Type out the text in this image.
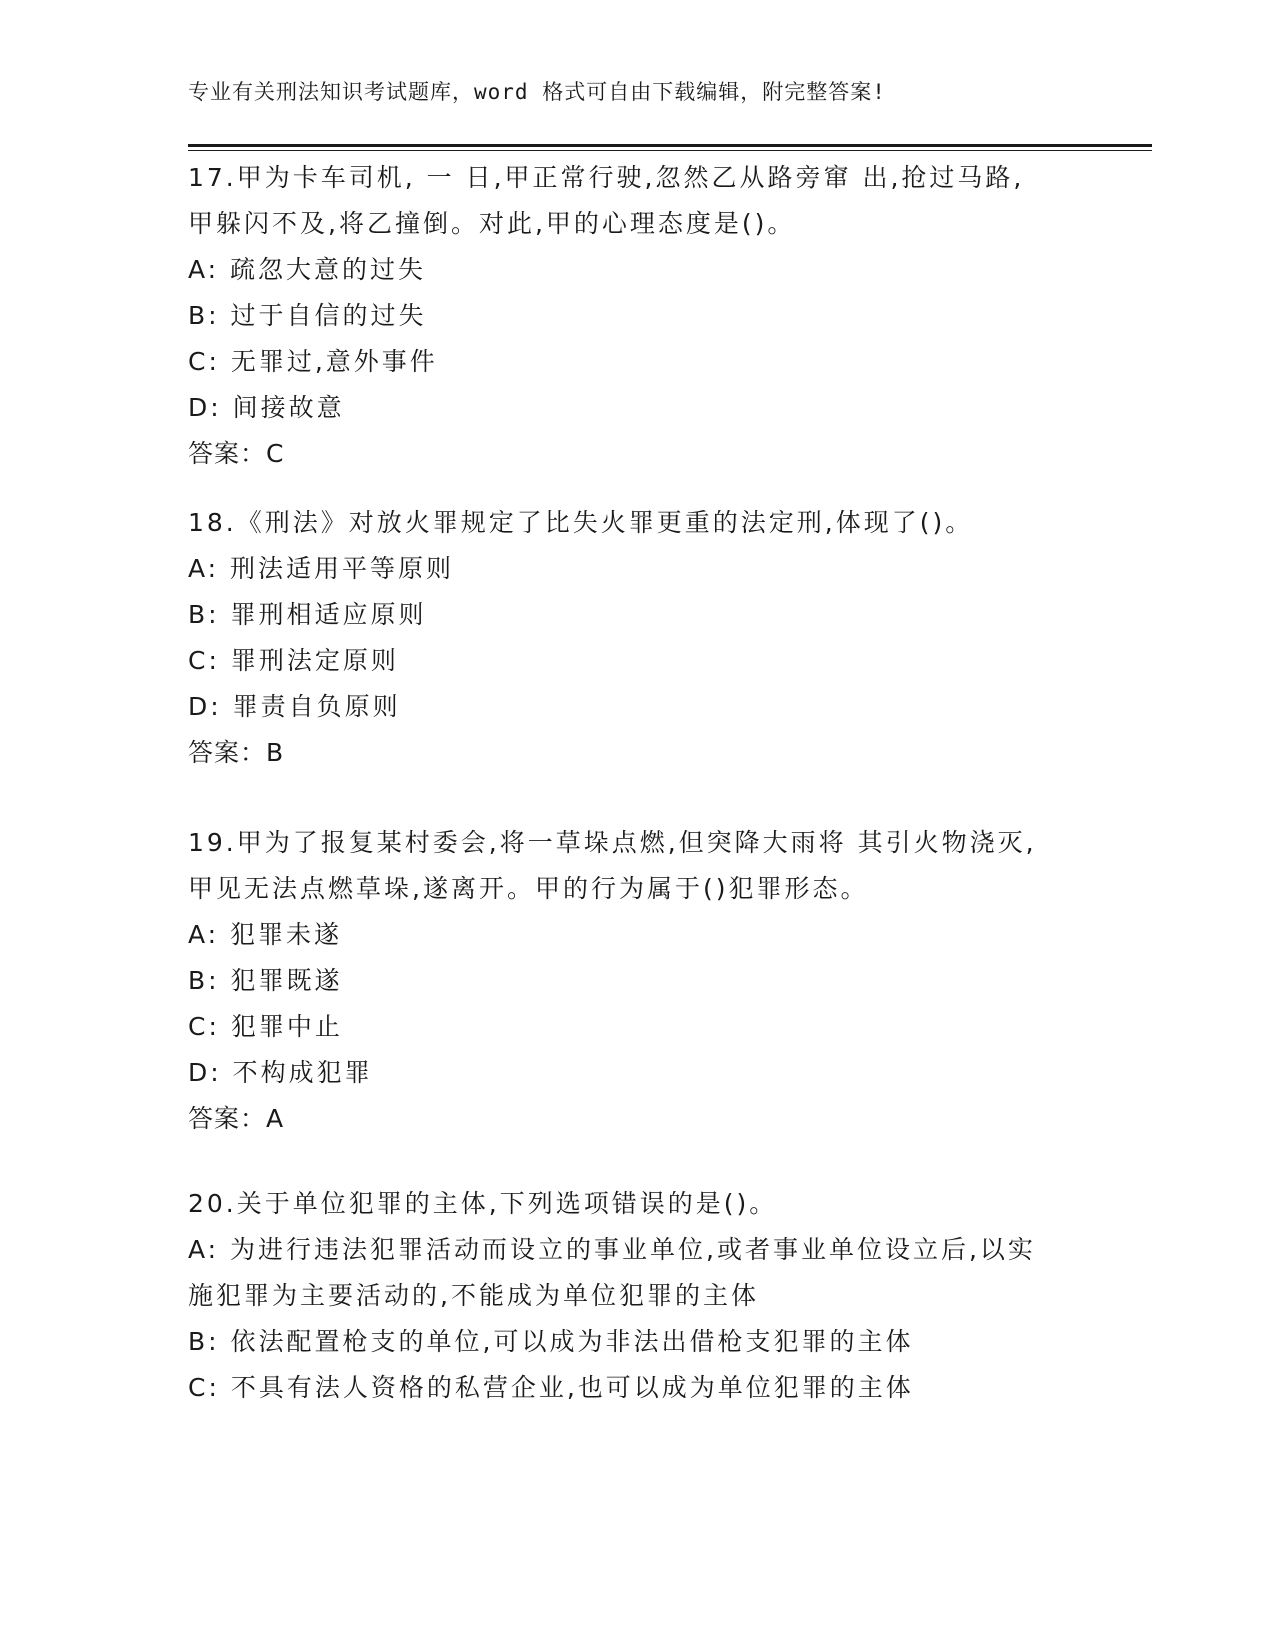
专业有关刑法知识考试题库，word 格式可自由下载编辑，附完整答案!
17.甲为卡车司机, 一 日,甲正常行驶,忽然乙从路旁窜 出,抢过马路,
甲躲闪不及,将乙撞倒。对此,甲的心理态度是()。
A: 疏忽大意的过失
B: 过于自信的过失
C: 无罪过,意外事件
D: 间接故意
答案：C
18.《刑法》对放火罪规定了比失火罪更重的法定刑,体现了()。
A: 刑法适用平等原则
B: 罪刑相适应原则
C: 罪刑法定原则
D: 罪责自负原则
答案：B
19.甲为了报复某村委会,将一草垛点燃,但突降大雨将 其引火物浇灭,
甲见无法点燃草垛,遂离开。甲的行为属于()犯罪形态。
A: 犯罪未遂
B: 犯罪既遂
C: 犯罪中止
D: 不构成犯罪
答案：A
20.关于单位犯罪的主体,下列选项错误的是()。
A: 为进行违法犯罪活动而设立的事业单位,或者事业单位设立后,以实
施犯罪为主要活动的,不能成为单位犯罪的主体
B: 依法配置枪支的单位,可以成为非法出借枪支犯罪的主体
C: 不具有法人资格的私营企业,也可以成为单位犯罪的主体
